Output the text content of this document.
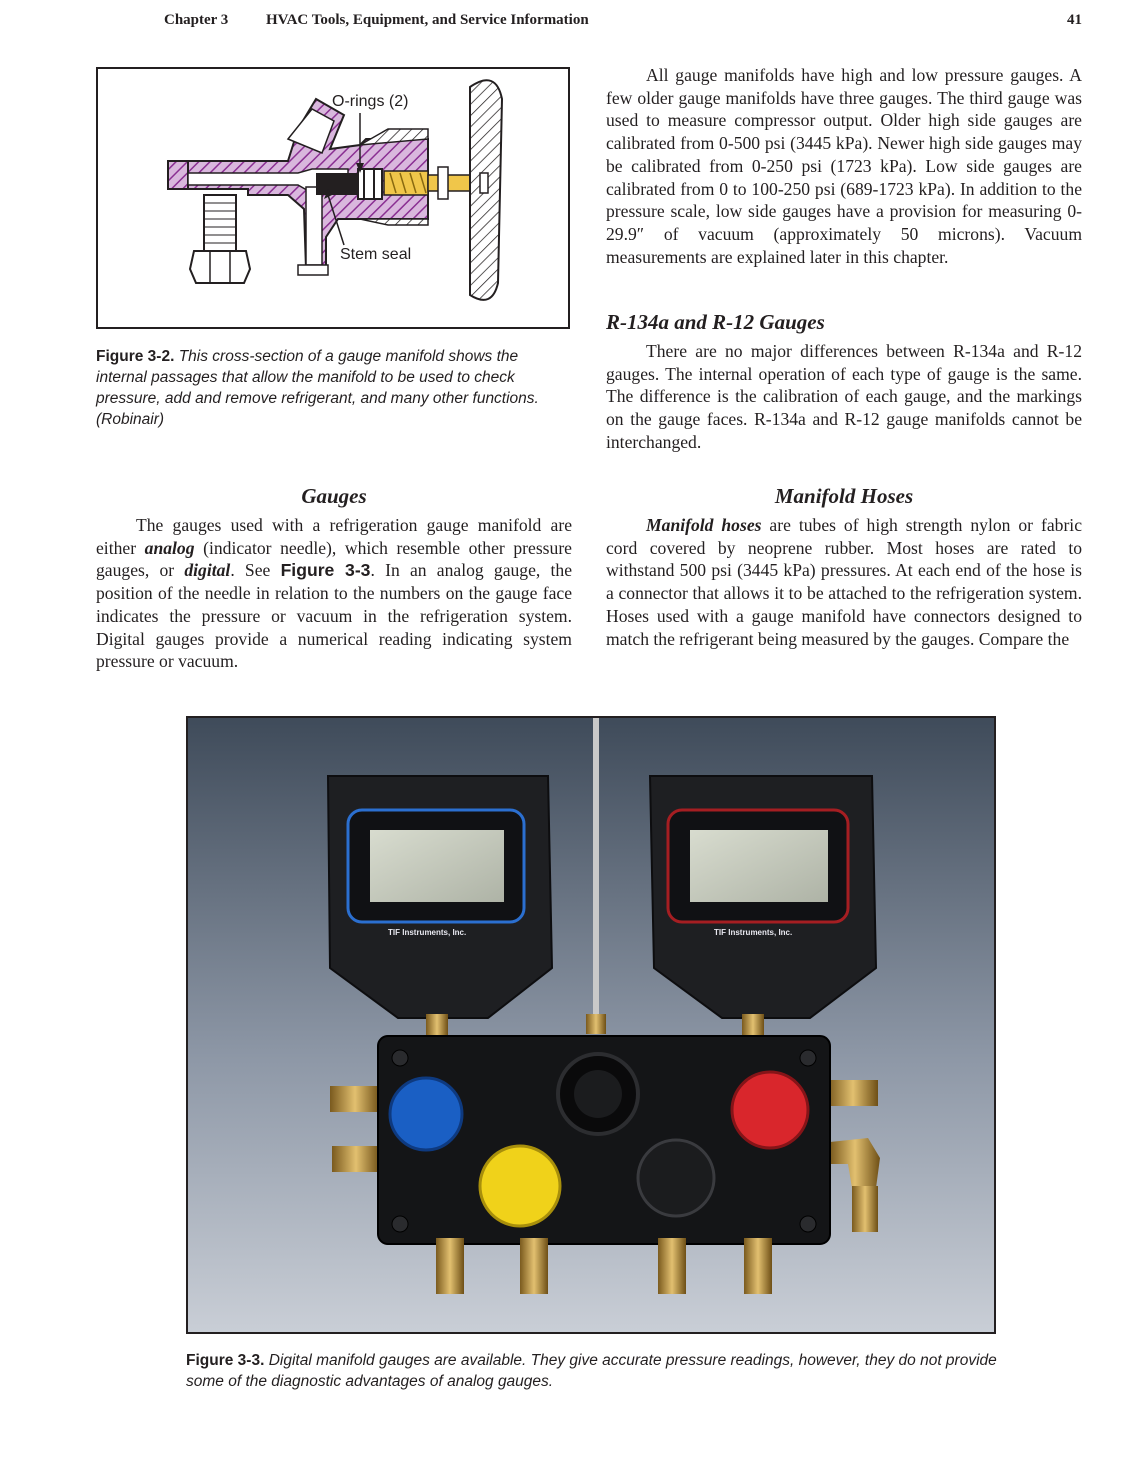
Chapter 3	HVAC Tools, Equipment, and Service Information	41
O-rings (2)
Stem seal
Figure 3-2. This cross-section of a gauge manifold shows the internal passages that allow the manifold to be used to check pressure, add and remove refrigerant, and many other functions. (Robinair)

All gauge manifolds have high and low pressure gauges. A few older gauge manifolds have three gauges. The third gauge was used to measure compressor output. Older high side gauges are calibrated from 0-500 psi (3445 kPa). Newer high side gauges may be calibrated from 0-250 psi (1723 kPa). Low side gauges are calibrated from 0 to 100-250 psi (689-1723 kPa). In addition to the pressure scale, low side gauges have a provision for measuring 0-29.9″ of vacuum (approximately 50 microns). Vacuum measurements are explained later in this chapter.

R-134a and R-12 Gauges

There are no major differences between R-134a and R-12 gauges. The internal operation of each type of gauge is the same. The difference is the calibration of each gauge, and the markings on the gauge faces. R-134a and R-12 gauge manifolds cannot be interchanged.

Gauges

The gauges used with a refrigeration gauge manifold are either analog (indicator needle), which resemble other pressure gauges, or digital. See Figure 3-3. In an analog gauge, the position of the needle in relation to the numbers on the gauge face indicates the pressure or vacuum in the refrigeration system. Digital gauges provide a numerical reading indicating system pressure or vacuum.

Manifold Hoses

Manifold hoses are tubes of high strength nylon or fabric cord covered by neoprene rubber. Most hoses are rated to withstand 500 psi (3445 kPa) pressures. At each end of the hose is a connector that allows it to be attached to the refrigeration system. Hoses used with a gauge manifold have connectors designed to match the refrigerant being measured by the gauges. Compare the

TIF Instruments, Inc.	TIF Instruments, Inc.
Figure 3-3. Digital manifold gauges are available. They give accurate pressure readings, however, they do not provide some of the diagnostic advantages of analog gauges.
